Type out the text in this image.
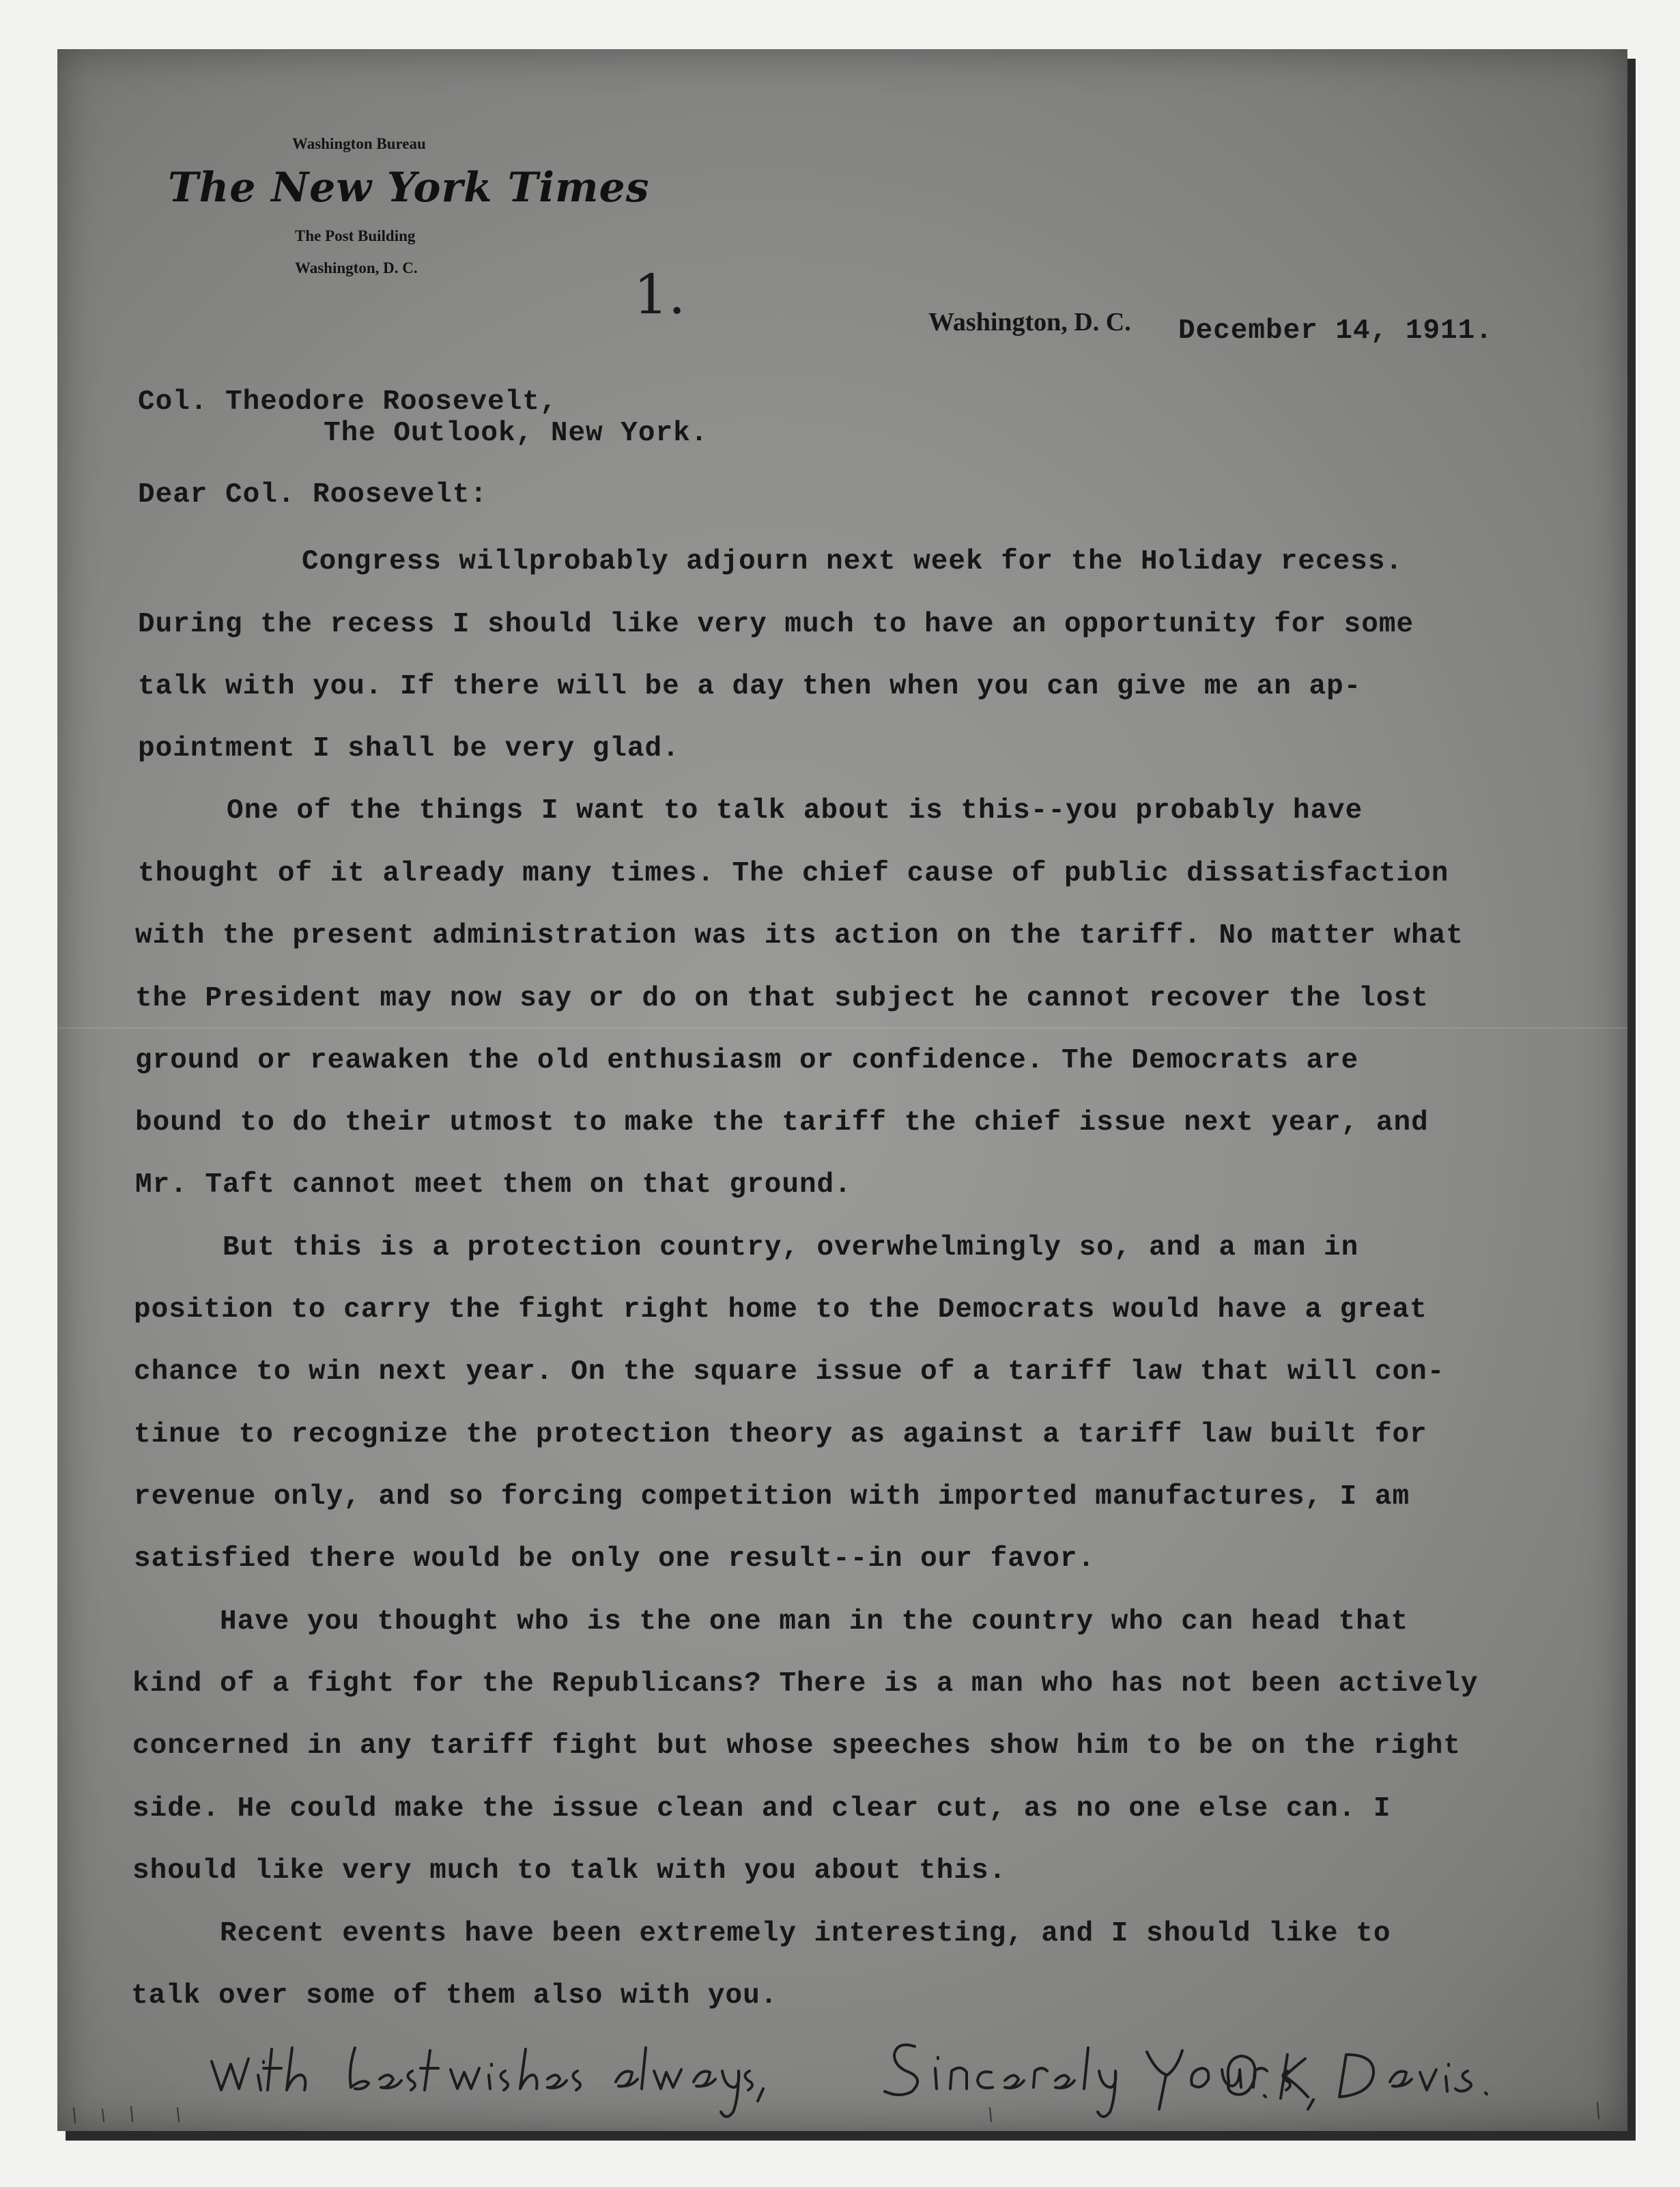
Washington Bureau
The New York Times
The Post Building
Washington, D. C.	1.	Washington, D. C. December 14, 1911.
Col. Theodore Roosevelt,
The Outlook, New York.
Dear Col. Roosevelt:
Congress willprobably adjourn next week for the Holiday recess.
During the recess I should like very much to have an opportunity for some
talk with you. If there will be a day then when you can give me an ap-
pointment I shall be very glad.
One of the things I want to talk about is this--you probably have
thought of it already many times. The chief cause of public dissatisfaction
with the present administration was its action on the tariff. No matter what
the President may now say or do on that subject he cannot recover the lost
ground or reawaken the old enthusiasm or confidence. The Democrats are
bound to do their utmost to make the tariff the chief issue next year, and
Mr. Taft cannot meet them on that ground.
But this is a protection country, overwhelmingly so, and a man in
position to carry the fight right home to the Democrats would have a great
chance to win next year. On the square issue of a tariff law that will con-
tinue to recognize the protection theory as against a tariff law built for
revenue only, and so forcing competition with imported manufactures, I am
satisfied there would be only one result--in our favor.
Have you thought who is the one man in the country who can head that
kind of a fight for the Republicans? There is a man who has not been actively
concerned in any tariff fight but whose speeches show him to be on the right
side. He could make the issue clean and clear cut, as no one else can. I
should like very much to talk with you about this.
Recent events have been extremely interesting, and I should like to
talk over some of them also with you.
